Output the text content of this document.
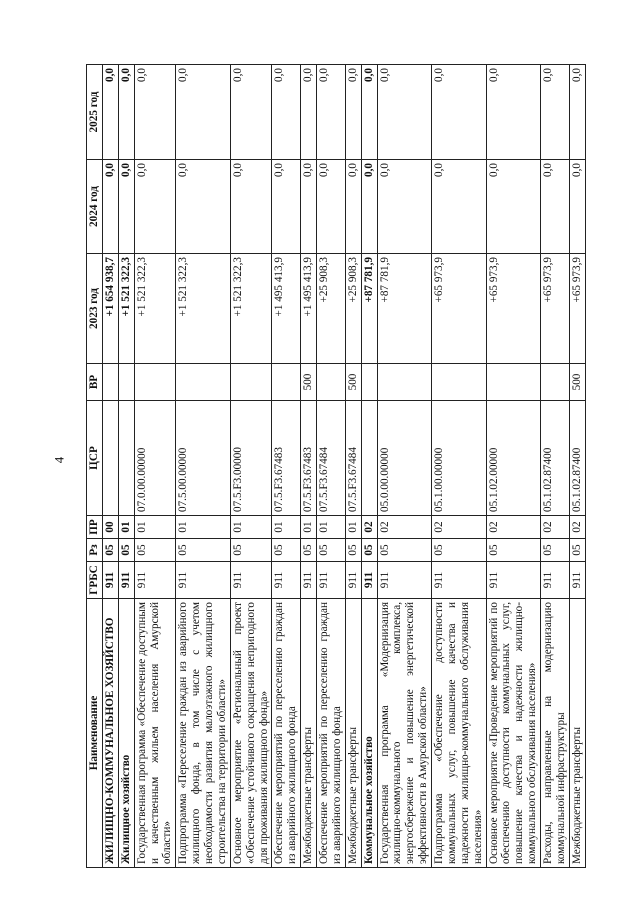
4
Наименование	ГРБС	Рз	ПР	ЦСР	ВР	2023 год	2024 год	2025 год
ЖИЛИЩНО-КОММУНАЛЬНОЕ ХОЗЯЙСТВО	911	05	00			+1 654 938,7	0,0	0,0
Жилищное хозяйство	911	05	01			+1 521 322,3	0,0	0,0
Государственная программа «Обеспечение доступным и качественным жильем населения Амурской области»	911	05	01	07.0.00.00000		+1 521 322,3	0,0	0,0
Подпрограмма «Переселение граждан из аварийного жилищного фонда, в том числе с учетом необходимости развития малоэтажного жилищного строительства на территории области»	911	05	01	07.5.00.00000		+1 521 322,3	0,0	0,0
Основное мероприятие «Региональный проект «Обеспечение устойчивого сокращения непригодного для проживания жилищного фонда»	911	05	01	07.5.F3.00000		+1 521 322,3	0,0	0,0
Обеспечение мероприятий по переселению граждан из аварийного жилищного фонда	911	05	01	07.5.F3.67483		+1 495 413,9	0,0	0,0
Межбюджетные трансферты	911	05	01	07.5.F3.67483	500	+1 495 413,9	0,0	0,0
Обеспечение мероприятий по переселению граждан из аварийного жилищного фонда	911	05	01	07.5.F3.67484		+25 908,3	0,0	0,0
Межбюджетные трансферты	911	05	01	07.5.F3.67484	500	+25 908,3	0,0	0,0
Коммунальное хозяйство	911	05	02			+87 781,9	0,0	0,0
Государственная программа «Модернизация жилищно-коммунального комплекса, энергосбережение и повышение энергетической эффективности в Амурской области»	911	05	02	05.0.00.00000		+87 781,9	0,0	0,0
Подпрограмма «Обеспечение доступности коммунальных услуг, повышение качества и надежности жилищно-коммунального обслуживания населения»	911	05	02	05.1.00.00000		+65 973,9	0,0	0,0
Основное мероприятие «Проведение мероприятий по обеспечению доступности коммунальных услуг, повышение качества и надежности жилищно-коммунального обслуживания населения»	911	05	02	05.1.02.00000		+65 973,9	0,0	0,0
Расходы, направленные на модернизацию коммунальной инфраструктуры	911	05	02	05.1.02.87400		+65 973,9	0,0	0,0
Межбюджетные трансферты	911	05	02	05.1.02.87400	500	+65 973,9	0,0	0,0
